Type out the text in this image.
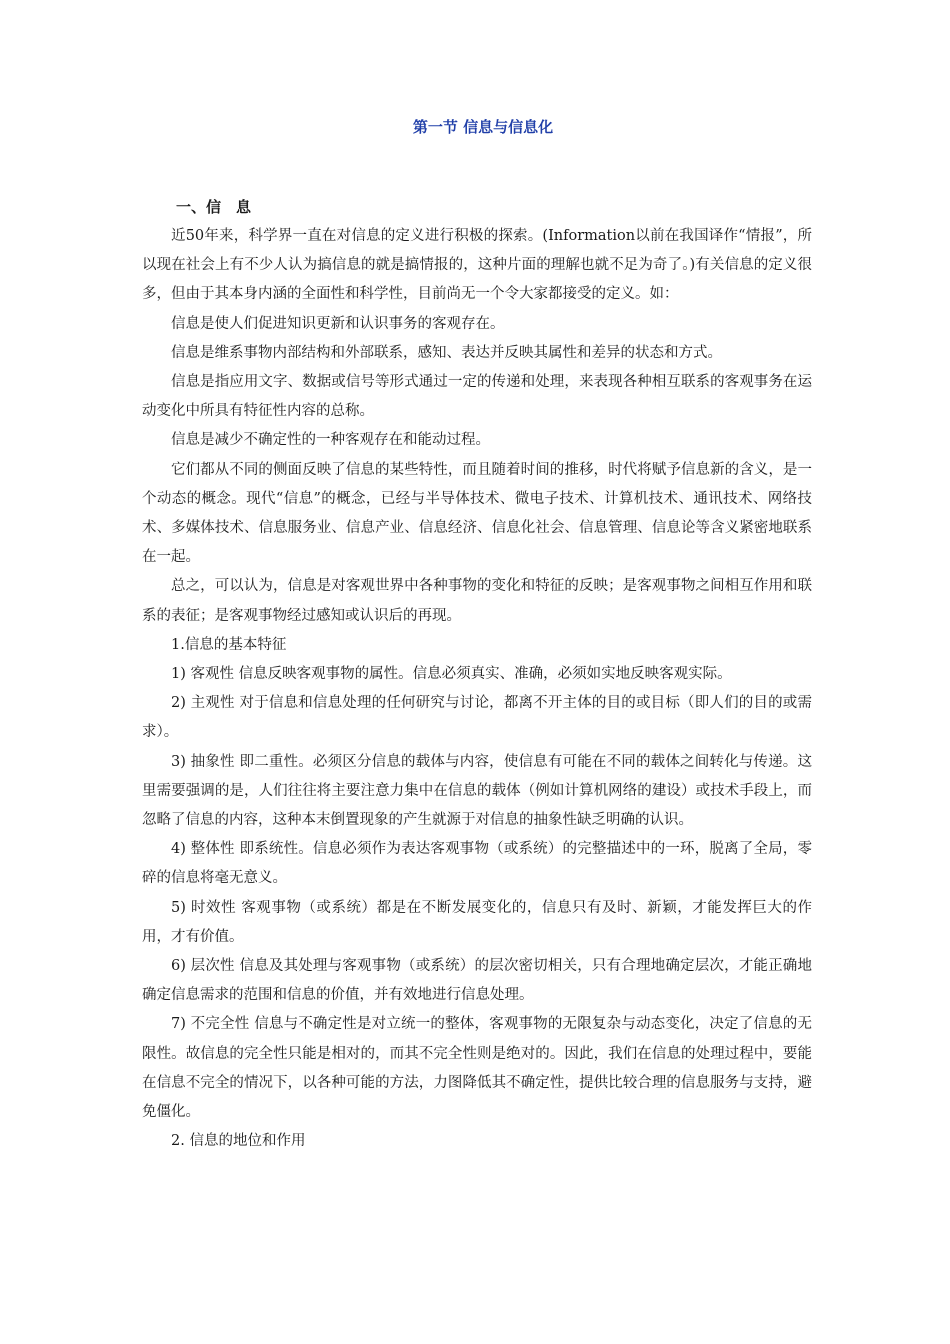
第一节 信息与信息化
一、信　息

近50年来，科学界一直在对信息的定义进行积极的探索。(Information以前在我国译作“情报”，所以现在社会上有不少人认为搞信息的就是搞情报的，这种片面的理解也就不足为奇了。)有关信息的定义很多，但由于其本身内涵的全面性和科学性，目前尚无一个令大家都接受的定义。如：

信息是使人们促进知识更新和认识事务的客观存在。

信息是维系事物内部结构和外部联系，感知、表达并反映其属性和差异的状态和方式。

信息是指应用文字、数据或信号等形式通过一定的传递和处理，来表现各种相互联系的客观事务在运动变化中所具有特征性内容的总称。

信息是减少不确定性的一种客观存在和能动过程。

它们都从不同的侧面反映了信息的某些特性，而且随着时间的推移，时代将赋予信息新的含义，是一个动态的概念。现代“信息”的概念，已经与半导体技术、微电子技术、计算机技术、通讯技术、网络技术、多媒体技术、信息服务业、信息产业、信息经济、信息化社会、信息管理、信息论等含义紧密地联系在一起。

总之，可以认为，信息是对客观世界中各种事物的变化和特征的反映；是客观事物之间相互作用和联系的表征；是客观事物经过感知或认识后的再现。

1.信息的基本特征

1) 客观性 信息反映客观事物的属性。信息必须真实、准确，必须如实地反映客观实际。

2) 主观性 对于信息和信息处理的任何研究与讨论，都离不开主体的目的或目标（即人们的目的或需求）。

3) 抽象性 即二重性。必须区分信息的载体与内容，使信息有可能在不同的载体之间转化与传递。这里需要强调的是，人们往往将主要注意力集中在信息的载体（例如计算机网络的建设）或技术手段上，而忽略了信息的内容，这种本末倒置现象的产生就源于对信息的抽象性缺乏明确的认识。

4) 整体性 即系统性。信息必须作为表达客观事物（或系统）的完整描述中的一环，脱离了全局，零碎的信息将毫无意义。

5) 时效性 客观事物（或系统）都是在不断发展变化的，信息只有及时、新颖，才能发挥巨大的作用，才有价值。

6) 层次性 信息及其处理与客观事物（或系统）的层次密切相关，只有合理地确定层次，才能正确地确定信息需求的范围和信息的价值，并有效地进行信息处理。

7) 不完全性 信息与不确定性是对立统一的整体，客观事物的无限复杂与动态变化，决定了信息的无限性。故信息的完全性只能是相对的，而其不完全性则是绝对的。因此，我们在信息的处理过程中，要能在信息不完全的情况下，以各种可能的方法，力图降低其不确定性，提供比较合理的信息服务与支持，避免僵化。

2. 信息的地位和作用
